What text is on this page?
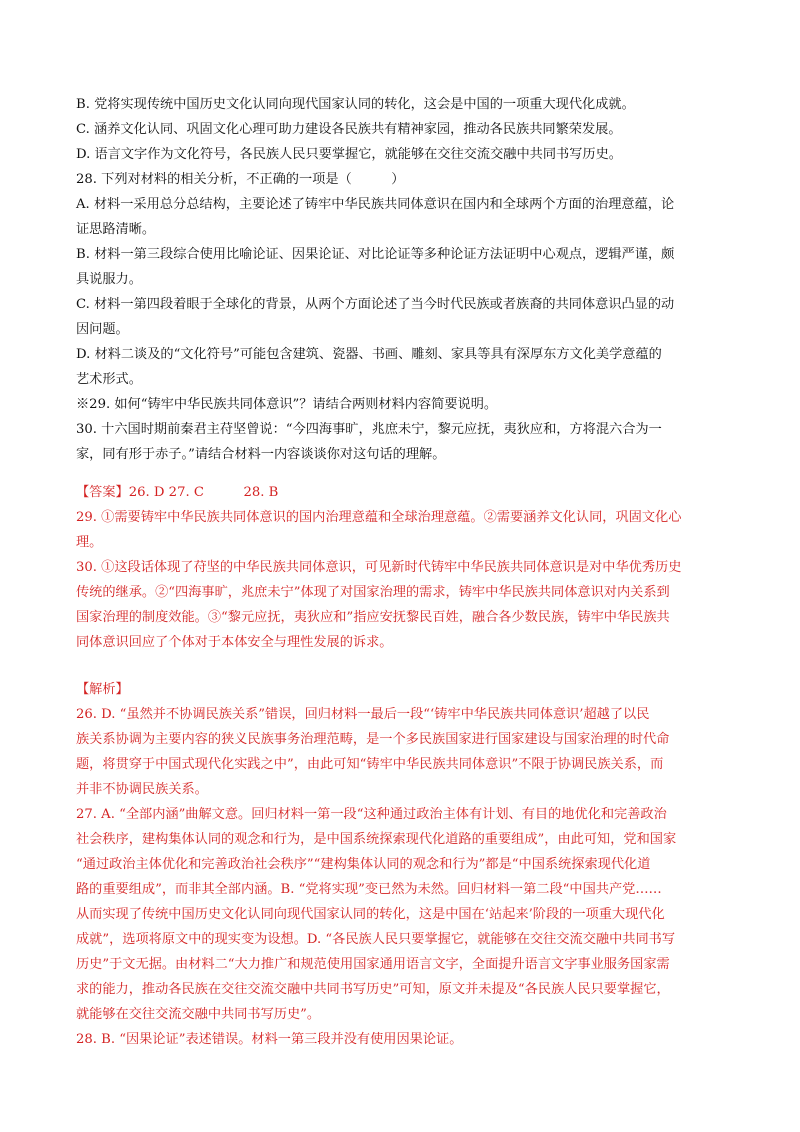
B. 党将实现传统中国历史文化认同向现代国家认同的转化，这会是中国的一项重大现代化成就。
C. 涵养文化认同、巩固文化心理可助力建设各民族共有精神家园，推动各民族共同繁荣发展。
D. 语言文字作为文化符号，各民族人民只要掌握它，就能够在交往交流交融中共同书写历史。
28. 下列对材料的相关分析，不正确的一项是（　　　）
A. 材料一采用总分总结构，主要论述了铸牢中华民族共同体意识在国内和全球两个方面的治理意蕴，论
证思路清晰。
B. 材料一第三段综合使用比喻论证、因果论证、对比论证等多种论证方法证明中心观点，逻辑严谨，颇
具说服力。
C. 材料一第四段着眼于全球化的背景，从两个方面论述了当今时代民族或者族裔的共同体意识凸显的动
因问题。
D. 材料二谈及的“文化符号”可能包含建筑、瓷器、书画、雕刻、家具等具有深厚东方文化美学意蕴的
艺术形式。
※29. 如何“铸牢中华民族共同体意识”？请结合两则材料内容简要说明。
30. 十六国时期前秦君主苻坚曾说：“今四海事旷，兆庶未宁，黎元应抚，夷狄应和，方将混六合为一
家，同有形于赤子。”请结合材料一内容谈谈你对这句话的理解。
【答案】26. D 27. C　　　28. B
29. ①需要铸牢中华民族共同体意识的国内治理意蕴和全球治理意蕴。②需要涵养文化认同，巩固文化心
理。
30. ①这段话体现了苻坚的中华民族共同体意识，可见新时代铸牢中华民族共同体意识是对中华优秀历史
传统的继承。②“四海事旷，兆庶未宁”体现了对国家治理的需求，铸牢中华民族共同体意识对内关系到
国家治理的制度效能。③“黎元应抚，夷狄应和”指应安抚黎民百姓，融合各少数民族，铸牢中华民族共
同体意识回应了个体对于本体安全与理性发展的诉求。
【解析】
26. D. “虽然并不协调民族关系”错误，回归材料一最后一段“‘铸牢中华民族共同体意识’超越了以民
族关系协调为主要内容的狭义民族事务治理范畴，是一个多民族国家进行国家建设与国家治理的时代命
题，将贯穿于中国式现代化实践之中”，由此可知“铸牢中华民族共同体意识”不限于协调民族关系，而
并非不协调民族关系。
27. A. “全部内涵”曲解文意。回归材料一第一段“这种通过政治主体有计划、有目的地优化和完善政治
社会秩序，建构集体认同的观念和行为，是中国系统探索现代化道路的重要组成”，由此可知，党和国家
“通过政治主体优化和完善政治社会秩序”“建构集体认同的观念和行为”都是“中国系统探索现代化道
路的重要组成”，而非其全部内涵。B. “党将实现”变已然为未然。回归材料一第二段“中国共产党……
从而实现了传统中国历史文化认同向现代国家认同的转化，这是中国在‘站起来’阶段的一项重大现代化
成就”，选项将原文中的现实变为设想。D. “各民族人民只要掌握它，就能够在交往交流交融中共同书写
历史”于文无据。由材料二“大力推广和规范使用国家通用语言文字，全面提升语言文字事业服务国家需
求的能力，推动各民族在交往交流交融中共同书写历史”可知，原文并未提及“各民族人民只要掌握它，
就能够在交往交流交融中共同书写历史”。
28. B. “因果论证”表述错误。材料一第三段并没有使用因果论证。
